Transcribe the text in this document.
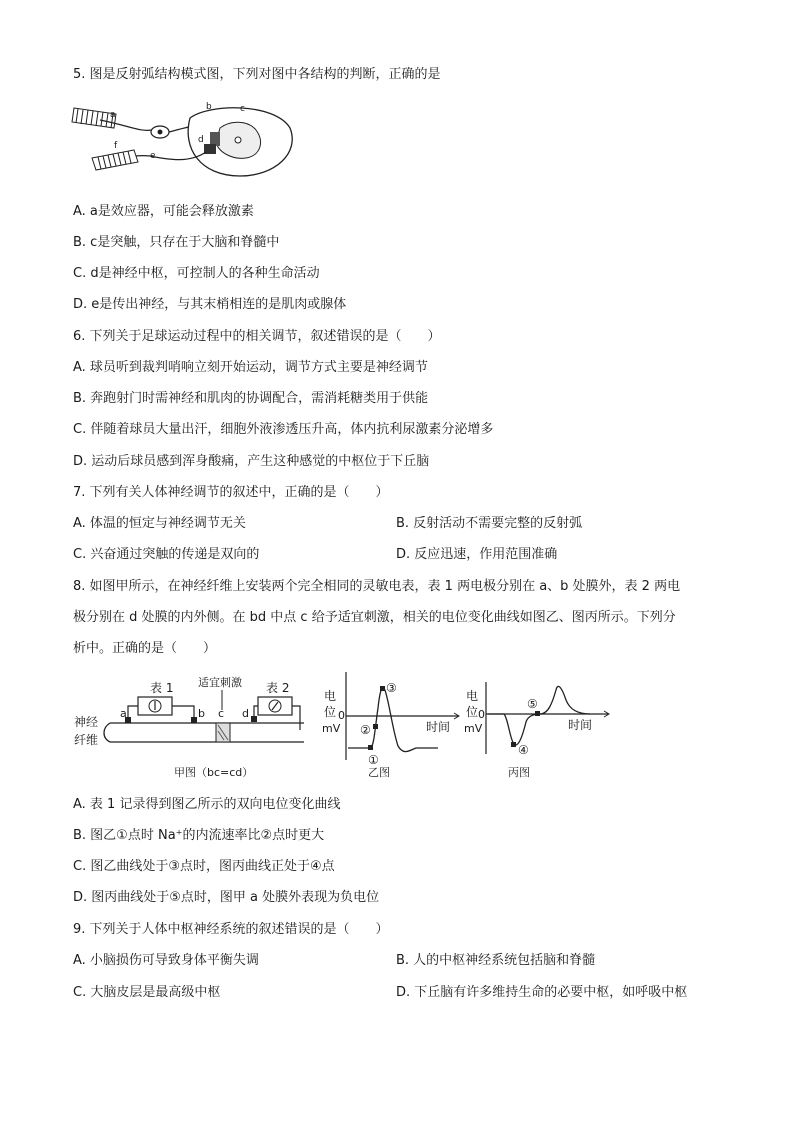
5. 图是反射弧结构模式图，下列对图中各结构的判断，正确的是
a
b	c
d
e
f
A. a是效应器，可能会释放激素
B. c是突触，只存在于大脑和脊髓中
C. d是神经中枢，可控制人的各种生命活动
D. e是传出神经，与其末梢相连的是肌肉或腺体
6. 下列关于足球运动过程中的相关调节，叙述错误的是（　　）
A. 球员听到裁判哨响立刻开始运动，调节方式主要是神经调节
B. 奔跑射门时需神经和肌肉的协调配合，需消耗糖类用于供能
C. 伴随着球员大量出汗，细胞外液渗透压升高，体内抗利尿激素分泌增多
D. 运动后球员感到浑身酸痛，产生这种感觉的中枢位于下丘脑
7. 下列有关人体神经调节的叙述中，正确的是（　　）
A. 体温的恒定与神经调节无关	B. 反射活动不需要完整的反射弧
C. 兴奋通过突触的传递是双向的	D. 反应迅速，作用范围准确
8. 如图甲所示，在神经纤维上安装两个完全相同的灵敏电表，表 1 两电极分别在 a、b 处膜外，表 2 两电
极分别在 d 处膜的内外侧。在 bd 中点 c 给予适宜刺激，相关的电位变化曲线如图乙、图丙所示。下列分
析中。正确的是（　　）
表 1
a	b
适宜刺激
c
表 2
d
神经
纤维
甲图（bc=cd）
电
位
mV
0
时间
①
②
③
乙图
电
位
mV
0
时间
④
⑤
丙图
A. 表 1 记录得到图乙所示的双向电位变化曲线
B. 图乙①点时 Na⁺的内流速率比②点时更大
C. 图乙曲线处于③点时，图丙曲线正处于④点
D. 图丙曲线处于⑤点时，图甲 a 处膜外表现为负电位
9. 下列关于人体中枢神经系统的叙述错误的是（　　）
A. 小脑损伤可导致身体平衡失调	B. 人的中枢神经系统包括脑和脊髓
C. 大脑皮层是最高级中枢	D. 下丘脑有许多维持生命的必要中枢，如呼吸中枢
